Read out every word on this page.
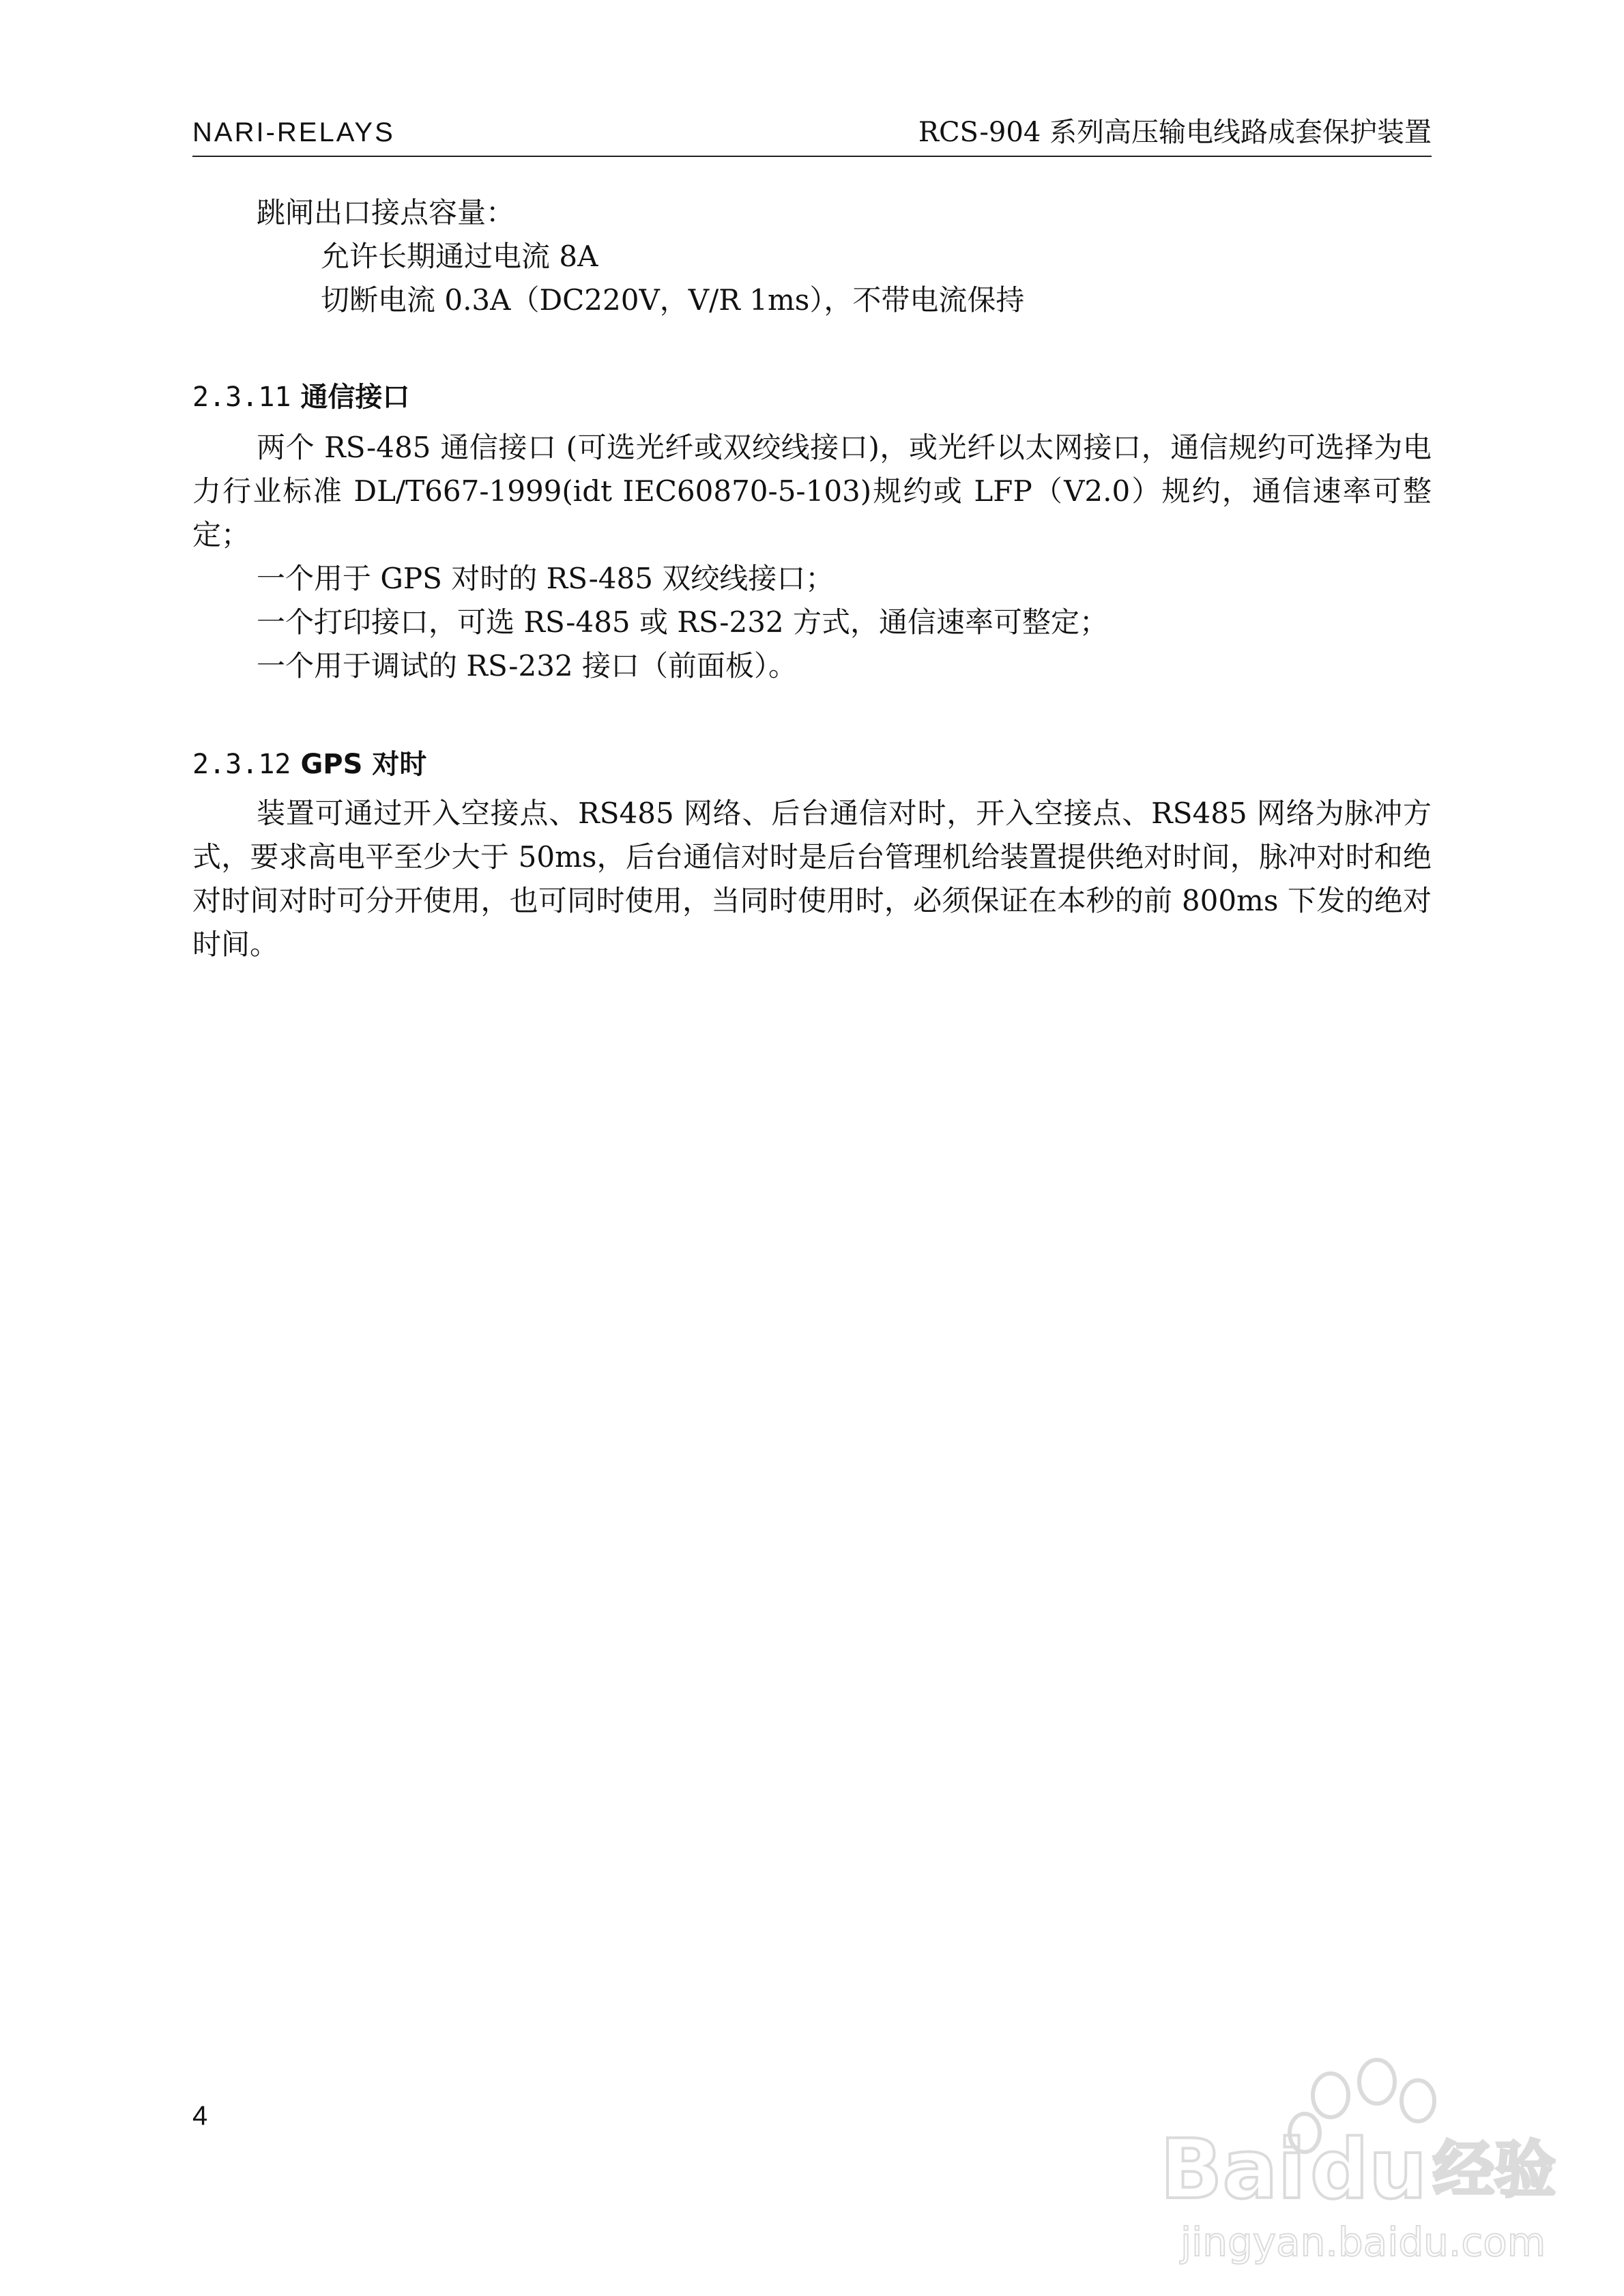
NARI-RELAYS	RCS-904 系列高压输电线路成套保护装置
跳闸出口接点容量：
允许长期通过电流 8A
切断电流 0.3A（DC220V，V/R 1ms），不带电流保持
2.3.11 通信接口
两个 RS-485 通信接口 (可选光纤或双绞线接口)，或光纤以太网接口，通信规约可选择为电力行业标准 DL/T667-1999(idt IEC60870-5-103)规约或 LFP（V2.0）规约，通信速率可整定；
一个用于 GPS 对时的 RS-485 双绞线接口；
一个打印接口，可选 RS-485 或 RS-232 方式，通信速率可整定；
一个用于调试的 RS-232 接口（前面板）。
2.3.12 GPS 对时
装置可通过开入空接点、RS485 网络、后台通信对时，开入空接点、RS485 网络为脉冲方式，要求高电平至少大于 50ms，后台通信对时是后台管理机给装置提供绝对时间，脉冲对时和绝对时间对时可分开使用，也可同时使用，当同时使用时，必须保证在本秒的前 800ms 下发的绝对时间。
4
Bai du 经验
jingyan.baidu.com
